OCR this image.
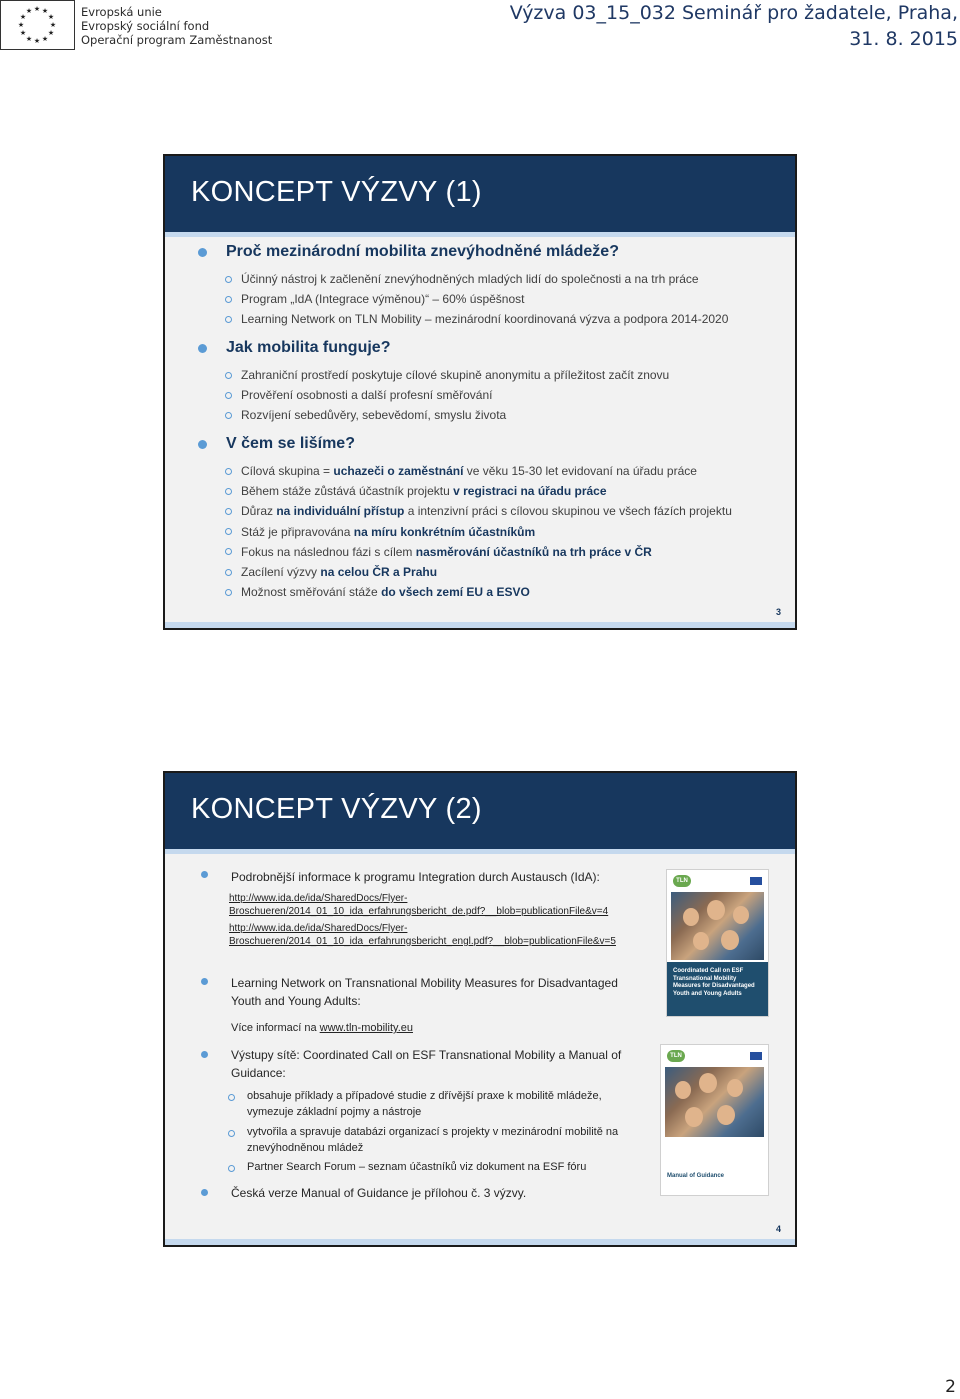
★ ★
★
★
★
★
★
★
★
★
★
★	Evropská unie
Evropský sociální fond
Operační program Zaměstnanost
Výzva 03_15_032 Seminář pro žadatele, Praha,
31. 8. 2015
KONCEPT VÝZVY (1)
Proč mezinárodní mobilita znevýhodněné mládeže?
Účinný nástroj k začlenění znevýhodněných mladých lidí do společnosti a na trh práce
Program „IdA (Integrace výměnou)“ – 60% úspěšnost
Learning Network on TLN Mobility – mezinárodní koordinovaná výzva a podpora 2014-2020
Jak mobilita funguje?
Zahraniční prostředí poskytuje cílové skupině anonymitu a příležitost začít znovu
Prověření osobnosti a další profesní směřování
Rozvíjení sebedůvěry, sebevědomí, smyslu života
V čem se lišíme?
Cílová skupina = uchazeči o zaměstnání ve věku 15-30 let evidovaní na úřadu práce
Během stáže zůstává účastník projektu v registraci na úřadu práce
Důraz na individuální přístup a intenzivní práci s cílovou skupinou ve všech fázích projektu
Stáž je připravována na míru konkrétním účastníkům
Fokus na následnou fázi s cílem nasměrování účastníků na trh práce v ČR
Zacílení výzvy na celou ČR a Prahu
Možnost směřování stáže do všech zemí EU a ESVO
3
KONCEPT VÝZVY (2)
Podrobnější informace k programu Integration durch Austausch (IdA):
http://www.ida.de/ida/SharedDocs/Flyer-
Broschueren/2014_01_10_ida_erfahrungsbericht_de.pdf?__blob=publicationFile&v=4
http://www.ida.de/ida/SharedDocs/Flyer-
Broschueren/2014_01_10_ida_erfahrungsbericht_engl.pdf?__blob=publicationFile&v=5
Learning Network on Transnational Mobility Measures for Disadvantaged Youth and Young Adults:
Více informací na www.tln-mobility.eu
Výstupy sítě: Coordinated Call on ESF Transnational Mobility a Manual of Guidance:
obsahuje příklady a případové studie z dřívější praxe k mobilitě mládeže, vymezuje základní pojmy a nástroje
vytvořila a spravuje databázi organizací s projekty v mezinárodní mobilitě na znevýhodněnou mládež
Partner Search Forum – seznam účastníků viz dokument na ESF fóru
Česká verze Manual of Guidance je přílohou č. 3 výzvy.
TLN
Coordinated Call on ESF Transnational Mobility Measures for Disadvantaged Youth and Young Adults
TLN
Manual of Guidance
4
2
